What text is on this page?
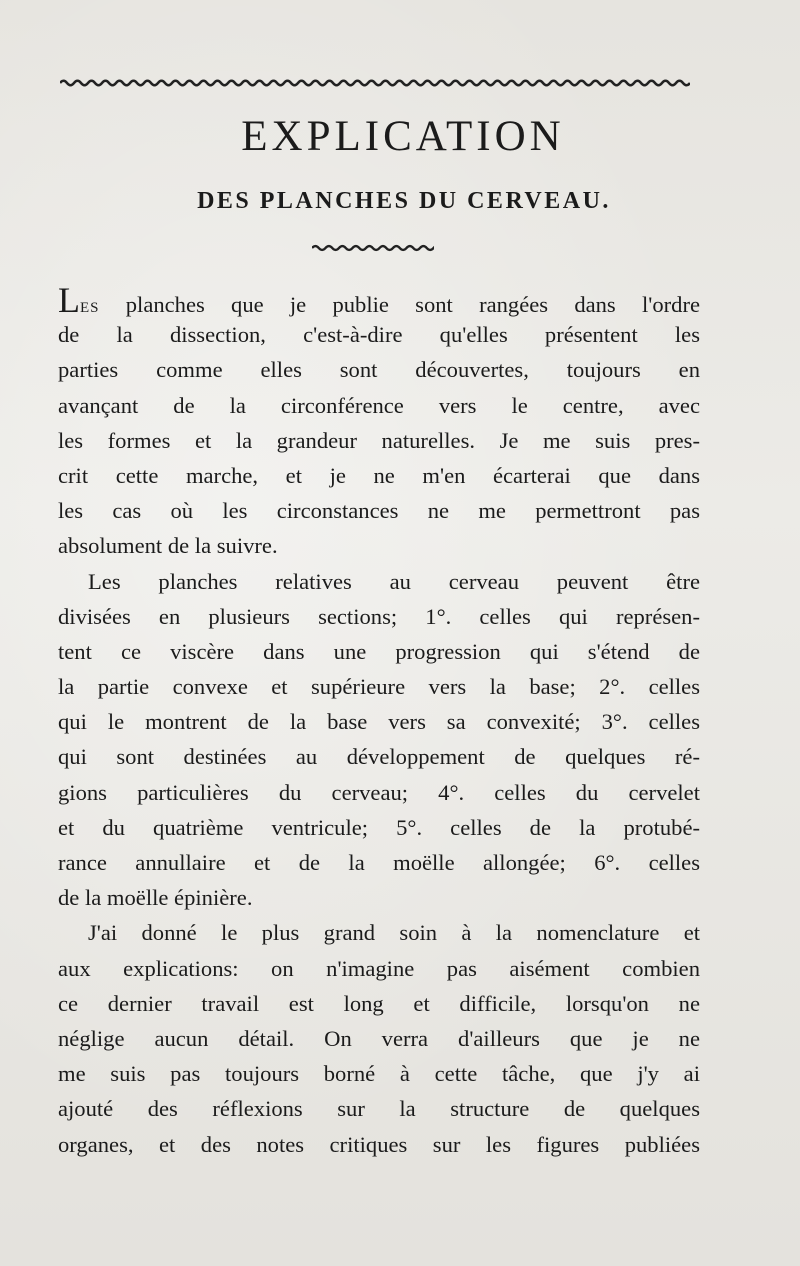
EXPLICATION
DES PLANCHES DU CERVEAU.
LES planches que je publie sont rangées dans l'ordre
de la dissection, c'est-à-dire qu'elles présentent les
parties comme elles sont découvertes, toujours en
avançant de la circonférence vers le centre, avec
les formes et la grandeur naturelles. Je me suis pres-
crit cette marche, et je ne m'en écarterai que dans
les cas où les circonstances ne me permettront pas
absolument de la suivre.
Les planches relatives au cerveau peuvent être
divisées en plusieurs sections; 1°. celles qui représen-
tent ce viscère dans une progression qui s'étend de
la partie convexe et supérieure vers la base; 2°. celles
qui le montrent de la base vers sa convexité; 3°. celles
qui sont destinées au développement de quelques ré-
gions particulières du cerveau; 4°. celles du cervelet
et du quatrième ventricule; 5°. celles de la protubé-
rance annullaire et de la moëlle allongée; 6°. celles
de la moëlle épinière.
J'ai donné le plus grand soin à la nomenclature et
aux explications: on n'imagine pas aisément combien
ce dernier travail est long et difficile, lorsqu'on ne
néglige aucun détail. On verra d'ailleurs que je ne
me suis pas toujours borné à cette tâche, que j'y ai
ajouté des réflexions sur la structure de quelques
organes, et des notes critiques sur les figures publiées
